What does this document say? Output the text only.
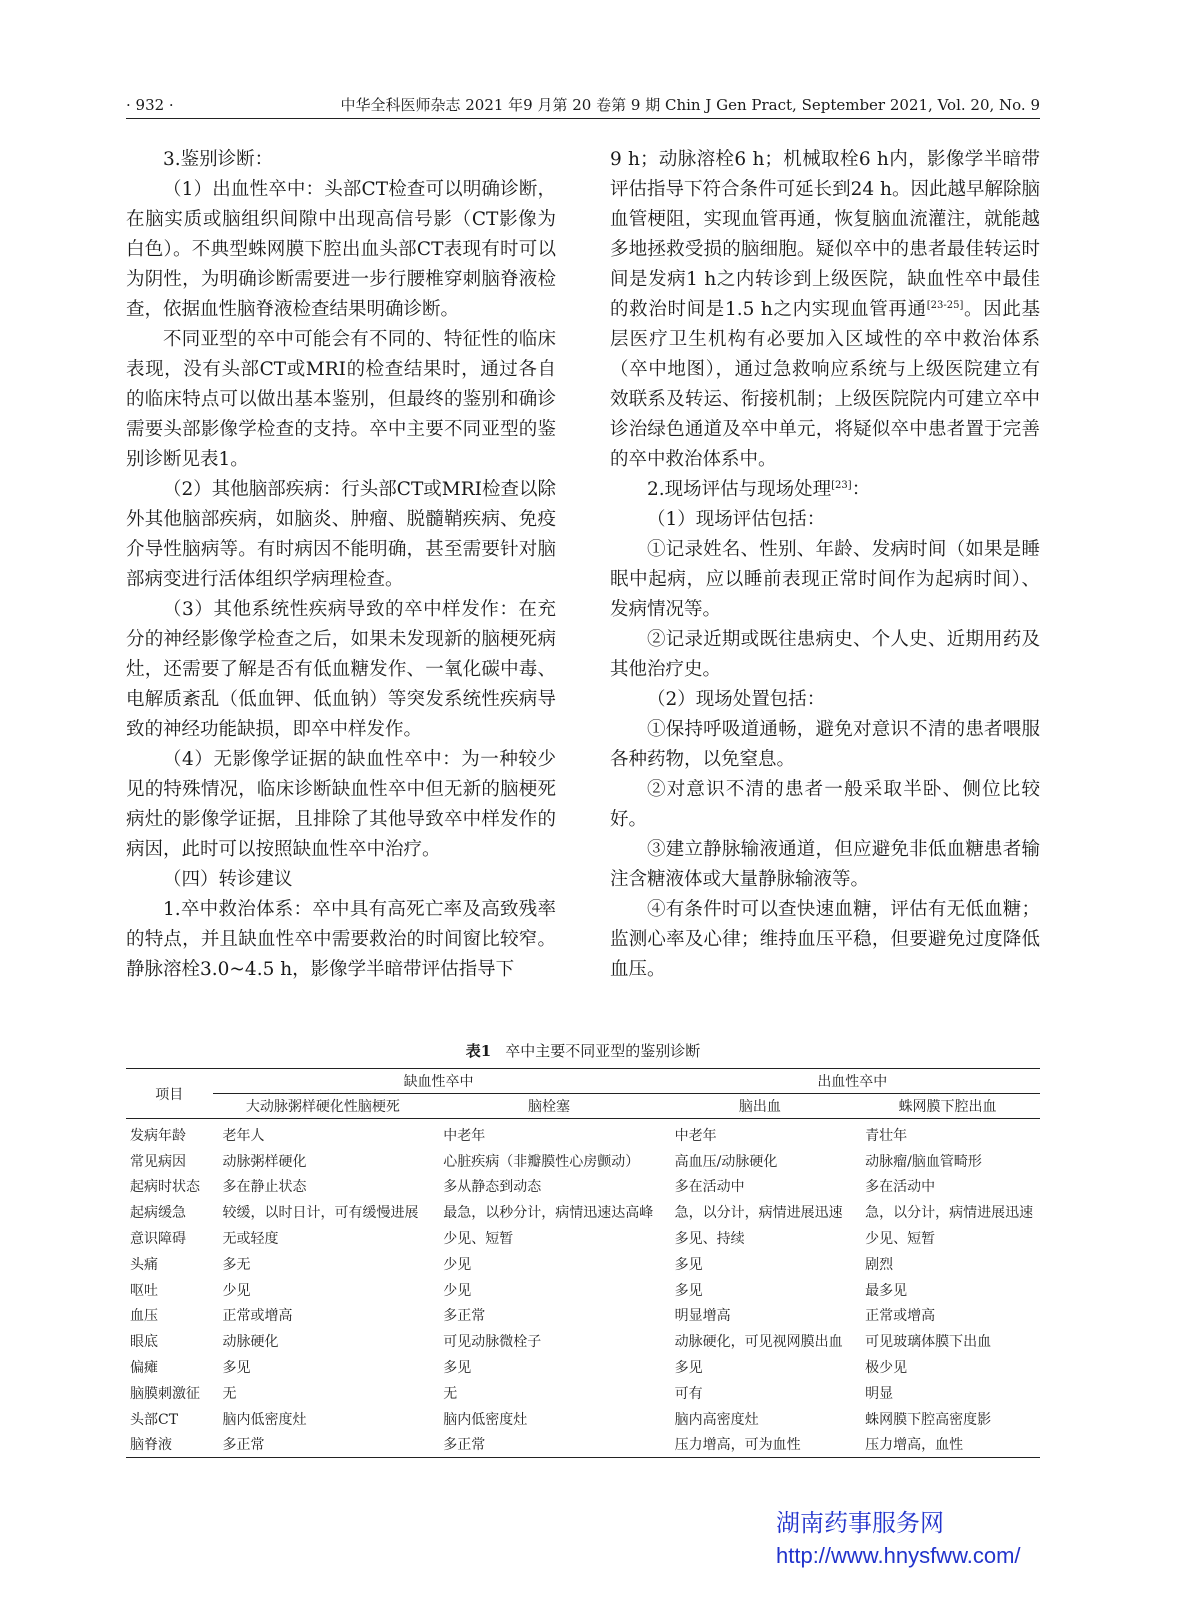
· 932 ·	中华全科医师杂志 2021 年9 月第 20 卷第 9 期 Chin J Gen Pract, September 2021, Vol. 20, No. 9

3.鉴别诊断：

（1）出血性卒中：头部CT检查可以明确诊断，在脑实质或脑组织间隙中出现高信号影（CT影像为白色）。不典型蛛网膜下腔出血头部CT表现有时可以为阴性，为明确诊断需要进一步行腰椎穿刺脑脊液检查，依据血性脑脊液检查结果明确诊断。

不同亚型的卒中可能会有不同的、特征性的临床表现，没有头部CT或MRI的检查结果时，通过各自的临床特点可以做出基本鉴别，但最终的鉴别和确诊需要头部影像学检查的支持。卒中主要不同亚型的鉴别诊断见表1。

（2）其他脑部疾病：行头部CT或MRI检查以除外其他脑部疾病，如脑炎、肿瘤、脱髓鞘疾病、免疫介导性脑病等。有时病因不能明确，甚至需要针对脑部病变进行活体组织学病理检查。

（3）其他系统性疾病导致的卒中样发作：在充分的神经影像学检查之后，如果未发现新的脑梗死病灶，还需要了解是否有低血糖发作、一氧化碳中毒、电解质紊乱（低血钾、低血钠）等突发系统性疾病导致的神经功能缺损，即卒中样发作。

（4）无影像学证据的缺血性卒中：为一种较少见的特殊情况，临床诊断缺血性卒中但无新的脑梗死病灶的影像学证据，且排除了其他导致卒中样发作的病因，此时可以按照缺血性卒中治疗。

（四）转诊建议

1.卒中救治体系：卒中具有高死亡率及高致残率的特点，并且缺血性卒中需要救治的时间窗比较窄。静脉溶栓3.0~4.5 h，影像学半暗带评估指导下

9 h；动脉溶栓6 h；机械取栓6 h内，影像学半暗带评估指导下符合条件可延长到24 h。因此越早解除脑血管梗阻，实现血管再通，恢复脑血流灌注，就能越多地拯救受损的脑细胞。疑似卒中的患者最佳转运时间是发病1 h之内转诊到上级医院，缺血性卒中最佳的救治时间是1.5 h之内实现血管再通[23-25]。因此基层医疗卫生机构有必要加入区域性的卒中救治体系（卒中地图），通过急救响应系统与上级医院建立有效联系及转运、衔接机制；上级医院院内可建立卒中诊治绿色通道及卒中单元，将疑似卒中患者置于完善的卒中救治体系中。

2.现场评估与现场处理[23]：

（1）现场评估包括：

①记录姓名、性别、年龄、发病时间（如果是睡眠中起病，应以睡前表现正常时间作为起病时间）、发病情况等。

②记录近期或既往患病史、个人史、近期用药及其他治疗史。

（2）现场处置包括：

①保持呼吸道通畅，避免对意识不清的患者喂服各种药物，以免窒息。

②对意识不清的患者一般采取半卧、侧位比较好。

③建立静脉输液通道，但应避免非低血糖患者输注含糖液体或大量静脉输液等。

④有条件时可以查快速血糖，评估有无低血糖；监测心率及心律；维持血压平稳，但要避免过度降低血压。

表1 卒中主要不同亚型的鉴别诊断
项目	缺血性卒中		出血性卒中	
	大动脉粥样硬化性脑梗死	脑栓塞	脑出血	蛛网膜下腔出血
发病年龄	老年人	中老年	中老年	青壮年
常见病因	动脉粥样硬化	心脏疾病（非瓣膜性心房颤动）	高血压/动脉硬化	动脉瘤/脑血管畸形
起病时状态	多在静止状态	多从静态到动态	多在活动中	多在活动中
起病缓急	较缓，以时日计，可有缓慢进展	最急，以秒分计，病情迅速达高峰	急，以分计，病情进展迅速	急，以分计，病情进展迅速
意识障碍	无或轻度	少见、短暂	多见、持续	少见、短暂
头痛	多无	少见	多见	剧烈
呕吐	少见	少见	多见	最多见
血压	正常或增高	多正常	明显增高	正常或增高
眼底	动脉硬化	可见动脉微栓子	动脉硬化，可见视网膜出血	可见玻璃体膜下出血
偏瘫	多见	多见	多见	极少见
脑膜刺激征	无	无	可有	明显
头部CT	脑内低密度灶	脑内低密度灶	脑内高密度灶	蛛网膜下腔高密度影
脑脊液	多正常	多正常	压力增高，可为血性	压力增高，血性
湖南药事服务网
http://www.hnysfww.com/
